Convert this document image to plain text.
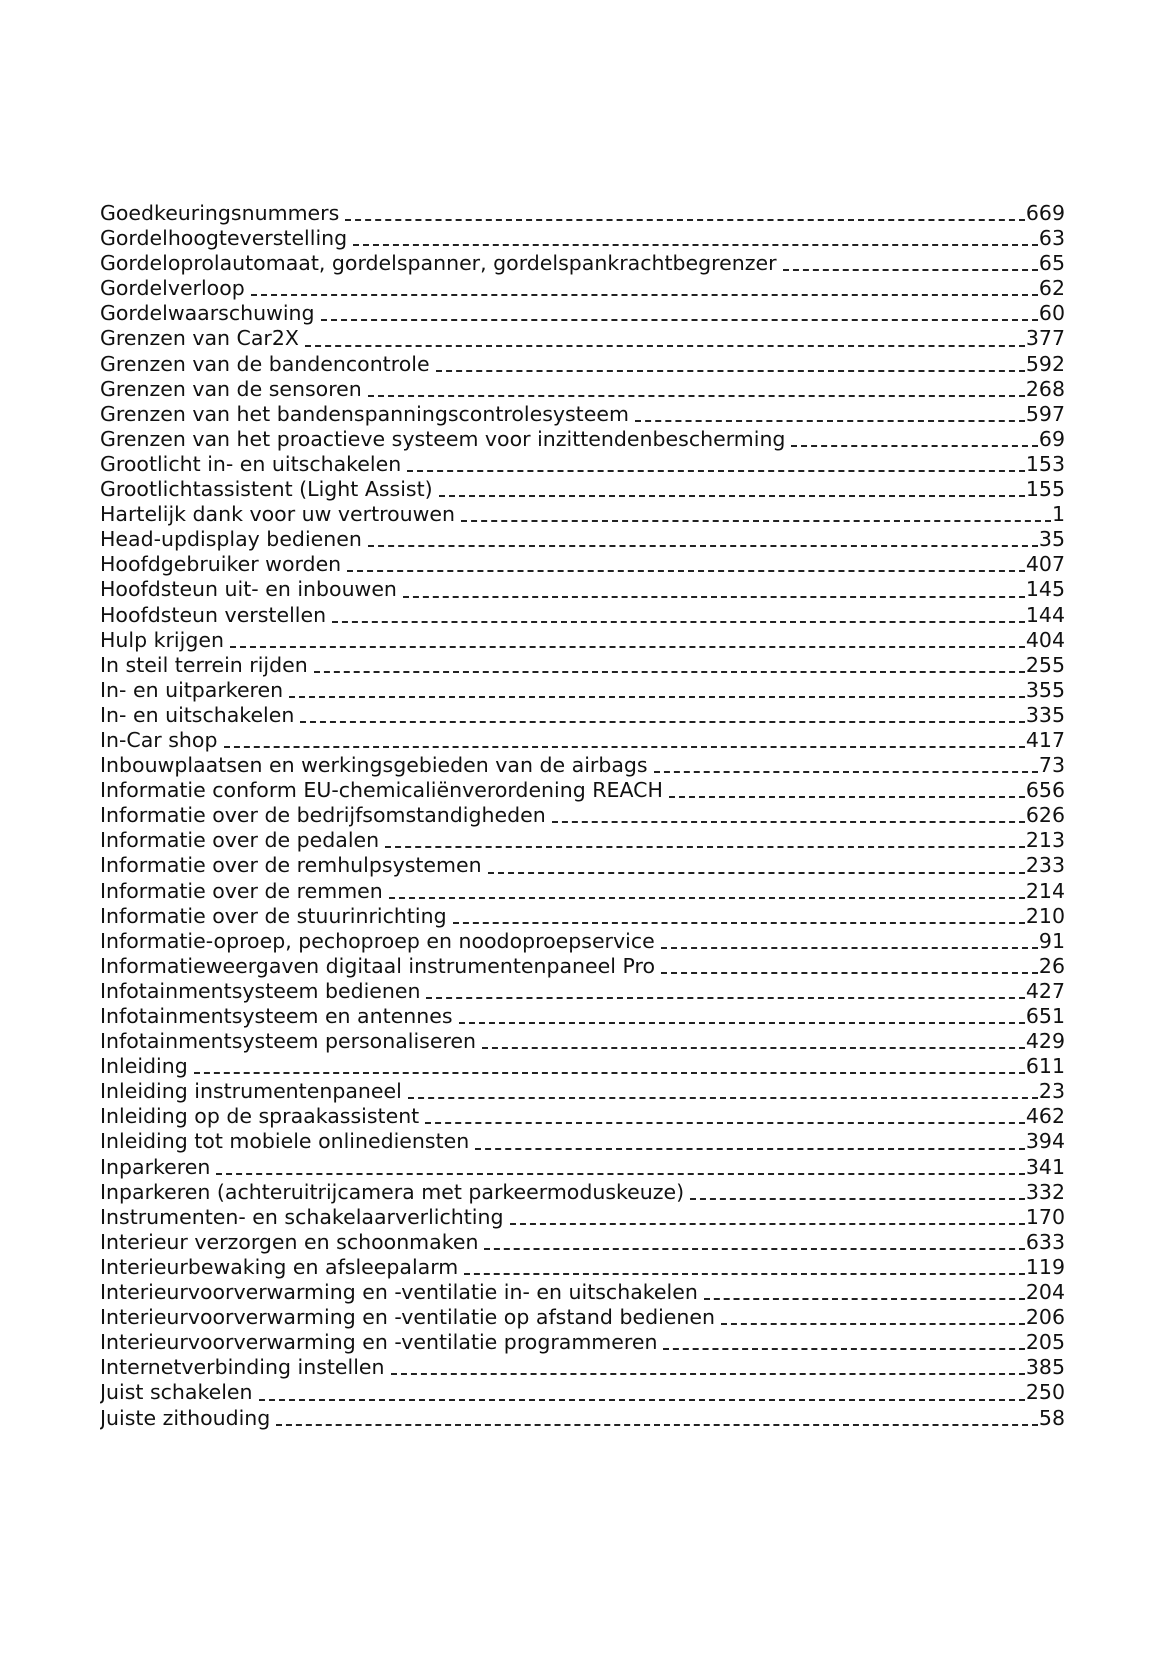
Goedkeuringsnummers	669
Gordelhoogteverstelling	63
Gordeloprolautomaat, gordelspanner, gordelspankrachtbegrenzer	65
Gordelverloop	62
Gordelwaarschuwing	60
Grenzen van Car2X	377
Grenzen van de bandencontrole	592
Grenzen van de sensoren	268
Grenzen van het bandenspanningscontrolesysteem	597
Grenzen van het proactieve systeem voor inzittendenbescherming	69
Grootlicht in- en uitschakelen	153
Grootlichtassistent (Light Assist)	155
Hartelijk dank voor uw vertrouwen	1
Head-updisplay bedienen	35
Hoofdgebruiker worden	407
Hoofdsteun uit- en inbouwen	145
Hoofdsteun verstellen	144
Hulp krijgen	404
In steil terrein rijden	255
In- en uitparkeren	355
In- en uitschakelen	335
In-Car shop	417
Inbouwplaatsen en werkingsgebieden van de airbags	73
Informatie conform EU-chemicaliënverordening REACH	656
Informatie over de bedrijfsomstandigheden	626
Informatie over de pedalen	213
Informatie over de remhulpsystemen	233
Informatie over de remmen	214
Informatie over de stuurinrichting	210
Informatie-oproep, pechoproep en noodoproepservice	91
Informatieweergaven digitaal instrumentenpaneel Pro	26
Infotainmentsysteem bedienen	427
Infotainmentsysteem en antennes	651
Infotainmentsysteem personaliseren	429
Inleiding	611
Inleiding instrumentenpaneel	23
Inleiding op de spraakassistent	462
Inleiding tot mobiele onlinediensten	394
Inparkeren	341
Inparkeren (achteruitrijcamera met parkeermoduskeuze)	332
Instrumenten- en schakelaarverlichting	170
Interieur verzorgen en schoonmaken	633
Interieurbewaking en afsleepalarm	119
Interieurvoorverwarming en -ventilatie in- en uitschakelen	204
Interieurvoorverwarming en -ventilatie op afstand bedienen	206
Interieurvoorverwarming en -ventilatie programmeren	205
Internetverbinding instellen	385
Juist schakelen	250
Juiste zithouding	58
